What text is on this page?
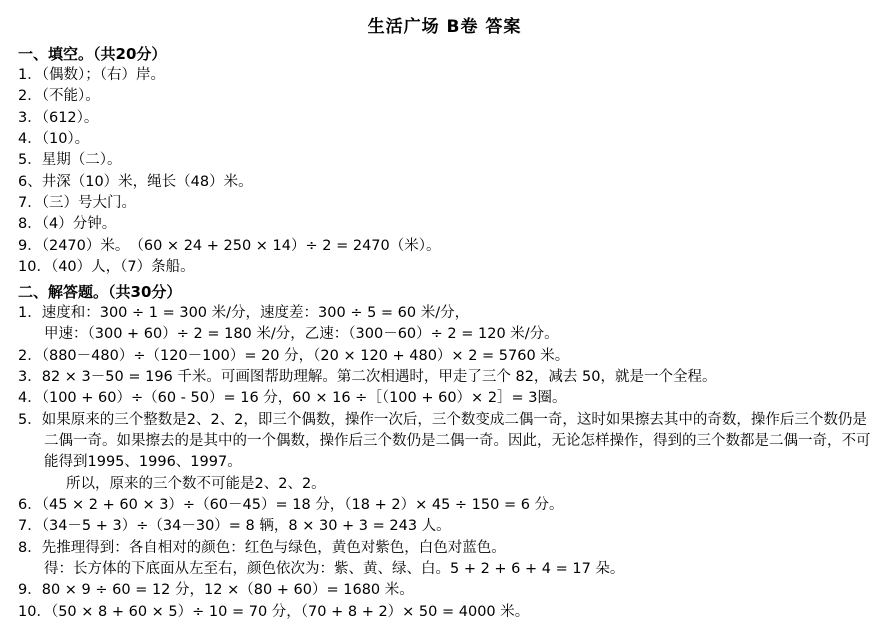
生活广场 B卷 答案
一、填空。（共20分）

1．（偶数）；（右）岸。

2．（不能）。

3．（612）。

4．（10）。

5．星期（二）。

6、井深（10）米，绳长（48）米。

7．（三）号大门。

8．（4）分钟。

9．（2470）米。　（60 × 24 + 250 × 14）÷ 2 = 2470（米）。

10．（40）人，（7）条船。

二、解答题。（共30分）

1．速度和：300 ÷ 1 = 300 米/分，速度差：300 ÷ 5 = 60 米/分，

甲速：（300 + 60）÷ 2 = 180 米/分，乙速：（300－60）÷ 2 = 120 米/分。

2．（880－480）÷（120－100）= 20 分，（20 × 120 + 480）× 2 = 5760 米。

3．82 × 3－50 = 196 千米。可画图帮助理解。第二次相遇时，甲走了三个 82，减去 50，就是一个全程。

4．（100 + 60）÷（60 - 50）= 16 分，60 × 16 ÷［（100 + 60）× 2］= 3圈。

5．如果原来的三个整数是2、2、2，即三个偶数，操作一次后，三个数变成二偶一奇，这时如果擦去其中的奇数，操作后三个数仍是二偶一奇。如果擦去的是其中的一个偶数，操作后三个数仍是二偶一奇。因此，无论怎样操作，得到的三个数都是二偶一奇，不可能得到1995、1996、1997。

所以，原来的三个数不可能是2、2、2。

6．（45 × 2 + 60 × 3）÷（60－45）= 18 分，（18 + 2）× 45 ÷ 150 = 6 分。

7．（34－5 + 3）÷（34－30）= 8 辆，8 × 30 + 3 = 243 人。

8．先推理得到：各自相对的颜色：红色与绿色，黄色对紫色，白色对蓝色。

得：长方体的下底面从左至右，颜色依次为：紫、黄、绿、白。5 + 2 + 6 + 4 = 17 朵。

9．80 × 9 ÷ 60 = 12 分，12 ×（80 + 60）= 1680 米。

10．（50 × 8 + 60 × 5）÷ 10 = 70 分，（70 + 8 + 2）× 50 = 4000 米。
